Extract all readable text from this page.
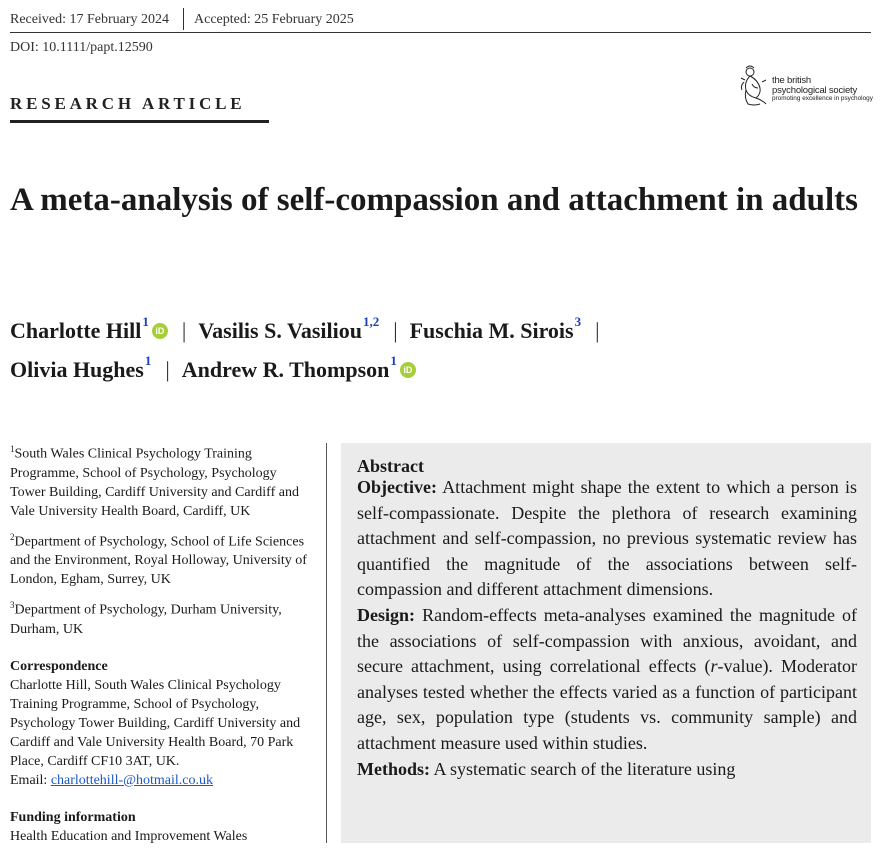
Received: 17 February 2024 Accepted: 25 February 2025
DOI: 10.1111/papt.12590
the british
psychological society
promoting excellence in psychology
RESEARCH ARTICLE
A meta-analysis of self-compassion and attachment in adults
Charlotte Hill$^1$iD | Vasilis S. Vasiliou$^{1,2}$ | Fuschia M. Sirois$^3$ |
Olivia Hughes$^1$ | Andrew R. Thompson$^1$iD

$^1$South Wales Clinical Psychology Training Programme, School of Psychology, Psychology Tower Building, Cardiff University and Cardiff and Vale University Health Board, Cardiff, UK

$^2$Department of Psychology, School of Life Sciences and the Environment, Royal Holloway, University of London, Egham, Surrey, UK

$^3$Department of Psychology, Durham University, Durham, UK

Correspondence

Charlotte Hill, South Wales Clinical Psychology Training Programme, School of Psychology, Psychology Tower Building, Cardiff University and Cardiff and Vale University Health Board, 70 Park Place, Cardiff CF10 3AT, UK.
Email: charlottehill-@hotmail.co.uk

Funding information

Health Education and Improvement Wales

Abstract

Objective: Attachment might shape the extent to which a person is self-compassionate. Despite the plethora of research examining attachment and self-compassion, no previous systematic review has quantified the magnitude of the associations between self-compassion and different attachment dimensions.

Design: Random-effects meta-analyses examined the magnitude of the associations of self-compassion with anxious, avoidant, and secure attachment, using correlational effects (r-value). Moderator analyses tested whether the effects varied as a function of participant age, sex, population type (students vs. community sample) and attachment measure used within studies.

Methods: A systematic search of the literature using
